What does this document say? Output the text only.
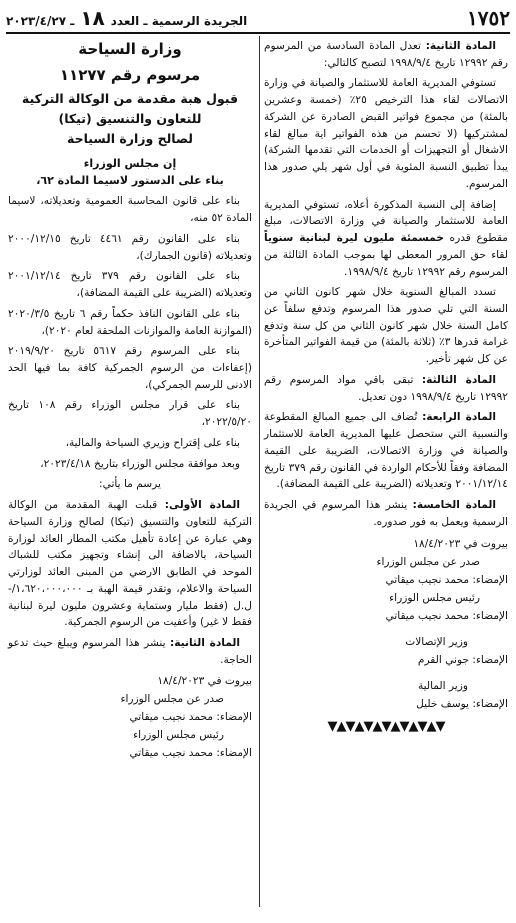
١٧٥٢
الجريدة الرسمية ـ العدد
١٨
ـ ٢٠٢٣/٤/٢٧

المادة الثانية: تعدل المادة السادسة من المرسوم رقم ١٢٩٩٢ تاريخ ١٩٩٨/٩/٤ لتصبح كالتالي:

تستوفي المديرية العامة للاستثمار والصيانة في وزارة الاتصالات لقاء هذا الترخيص ٢٥٪ (خمسة وعشرين بالمئة) من مجموع فواتير القبض الصادرة عن الشركة لمشتركيها (لا تحسم من هذه الفواتير اية مبالغ لقاء الاشغال أو التجهيزات أو الخدمات التي تقدمها الشركة) يبدأ تطبيق النسبة المئوية في أول شهر يلي صدور هذا المرسوم.

إضافة إلى النسبة المذكورة أعلاه، تستوفي المديرية العامة للاستثمار والصيانة في وزارة الاتصالات، مبلغ مقطوع قدره خمسمئة مليون ليرة لبنانية سنوياً لقاء حق المرور المعطى لها بموجب المادة الثالثة من المرسوم رقم ١٢٩٩٢ تاريخ ١٩٩٨/٩/٤.

تسدد المبالغ السنوية خلال شهر كانون الثاني من السنة التي تلي صدور هذا المرسوم وتدفع سلفاً عن كامل السنة خلال شهر كانون الثاني من كل سنة وتدفع غرامة قدرها ٣٪ (ثلاثة بالمئة) من قيمة الفواتير المتأخرة عن كل شهر تأخير.

المادة الثالثة: تبقى باقي مواد المرسوم رقم ١٢٩٩٢ تاريخ ١٩٩٨/٩/٤ دون تعديل.

المادة الرابعة: تُضاف الى جميع المبالغ المقطوعة والنسبية التي ستحصل عليها المديرية العامة للاستثمار والصيانة في وزارة الاتصالات، الضريبة على القيمة المضافة وفقاً للأحكام الواردة في القانون رقم ٣٧٩ تاريخ ٢٠٠١/١٢/١٤ وتعديلاته (الضريبة على القيمة المضافة).

المادة الخامسة: ينشر هذا المرسوم في الجريدة الرسمية ويعمل به فور صدوره.

بيروت في ١٨/٤/٢٠٢٣

صدر عن مجلس الوزراء

الإمضاء: محمد نجيب ميقاتي

رئيس مجلس الوزراء

الإمضاء: محمد نجيب ميقاتي

وزير الإتصالات

الإمضاء: جوني القرم

وزير المالية

الإمضاء: يوسف خليل

▼▲▼▲▼▲▼▲▼▲▼▲▼

وزارة السياحة

مرسوم رقم ١١٢٧٧

قبول هبة مقدمة من الوكالة التركية

للتعاون والتنسيق (تيكا)

لصالح وزارة السياحة

إن مجلس الوزراء

بناء على الدستور لاسيما المادة ٦٢،

بناء على قانون المحاسبة العمومية وتعديلاته، لاسيما المادة ٥٢ منه،

بناء على القانون رقم ٤٤٦١ تاريخ ٢٠٠٠/١٢/١٥ وتعديلاته (قانون الجمارك)،

بناء على القانون رقم ٣٧٩ تاريخ ٢٠٠١/١٢/١٤ وتعديلاته (الضريبة على القيمة المضافة)،

بناء على القانون النافذ حكماً رقم ٦ تاريخ ٢٠٢٠/٣/٥ (الموازنة العامة والموازنات الملحقة لعام ٢٠٢٠)،

بناء على المرسوم رقم ٥٦١٧ تاريخ ٢٠١٩/٩/٢٠ (إعفاءات من الرسوم الجمركية كافة بما فيها الحد الادنى للرسم الجمركي)،

بناء على قرار مجلس الوزراء رقم ١٠٨ تاريخ ٢٠٢٢/٥/٢٠،

بناء على إقتراح وزيري السياحة والمالية،

وبعد موافقة مجلس الوزراء بتاريخ ٢٠٢٣/٤/١٨،

يرسم ما يأتي:

المادة الأولى: قبلت الهبة المقدمة من الوكالة التركية للتعاون والتنسيق (تيكا) لصالح وزارة السياحة وهي عبارة عن إعادة تأهيل مكتب المطار العائد لوزارة السياحة، بالاضافة الى إنشاء وتجهيز مكتب للشباك الموحد في الطابق الارضي من المبنى العائد لوزارتي السياحة والاعلام، وتقدر قيمة الهبة بـ ١،٦٢٠،٠٠٠،٠٠٠/- ل.ل (فقط مليار وستماية وعشرون مليون ليرة لبنانية فقط لا غير) وأعفيت من الرسوم الجمركية.

المادة الثانية: ينشر هذا المرسوم ويبلغ حيث تدعو الحاجة.

بيروت في ١٨/٤/٢٠٢٣

صدر عن مجلس الوزراء

الإمضاء: محمد نجيب ميقاتي

رئيس مجلس الوزراء

الإمضاء: محمد نجيب ميقاتي
